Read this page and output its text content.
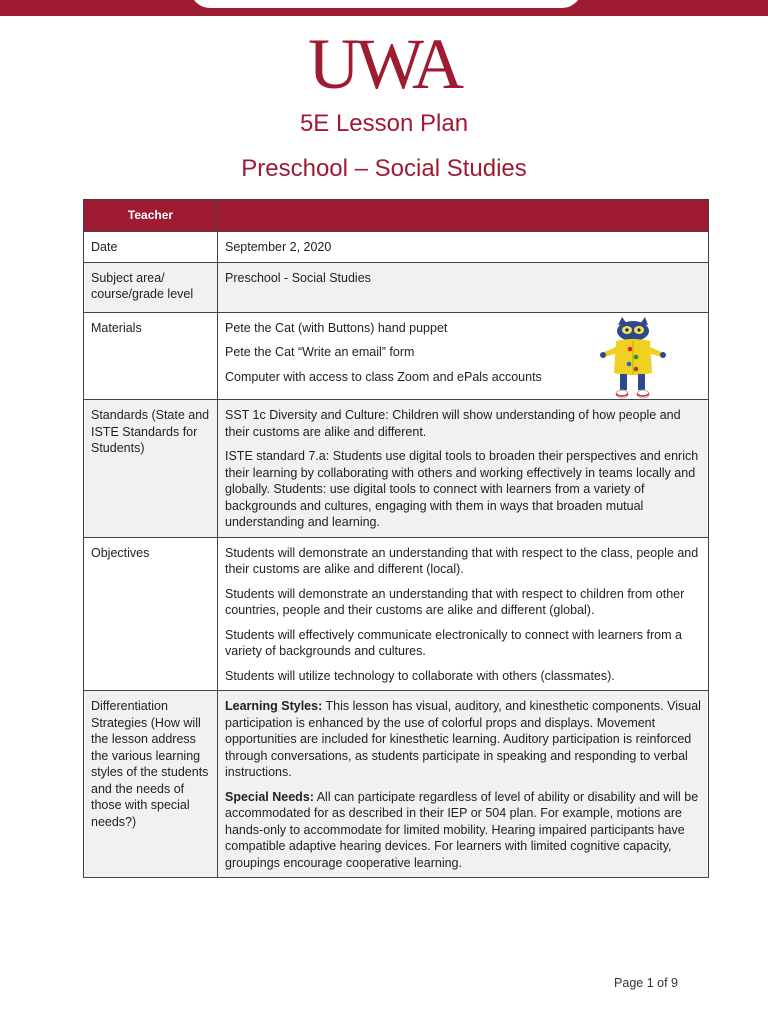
UWA
5E Lesson Plan
Preschool – Social Studies
Teacher	
Date	September 2, 2020
Subject area/ course/grade level	Preschool - Social Studies
Materials	Pete the Cat (with Buttons) hand puppet

Pete the Cat “Write an email” form

Computer with access to class Zoom and ePals accounts

Standards (State and ISTE Standards for Students)	SST 1c Diversity and Culture: Children will show understanding of how people and their customs are alike and different.

ISTE standard 7.a: Students use digital tools to broaden their perspectives and enrich their learning by collaborating with others and working effectively in teams locally and globally. Students: use digital tools to connect with learners from a variety of backgrounds and cultures, engaging with them in ways that broaden mutual understanding and learning.

Objectives	Students will demonstrate an understanding that with respect to the class, people and their customs are alike and different (local).

Students will demonstrate an understanding that with respect to children from other countries, people and their customs are alike and different (global).

Students will effectively communicate electronically to connect with learners from a variety of backgrounds and cultures.

Students will utilize technology to collaborate with others (classmates).

Differentiation Strategies (How will the lesson address the various learning styles of the students and the needs of those with special needs?)	Learning Styles: This lesson has visual, auditory, and kinesthetic components. Visual participation is enhanced by the use of colorful props and displays. Movement opportunities are included for kinesthetic learning. Auditory participation is reinforced through conversations, as students participate in speaking and responding to verbal instructions.

Special Needs: All can participate regardless of level of ability or disability and will be accommodated for as described in their IEP or 504 plan. For example, motions are hands-only to accommodate for limited mobility. Hearing impaired participants have compatible adaptive hearing devices. For learners with limited cognitive capacity, groupings encourage cooperative learning.

Page 1 of 9
